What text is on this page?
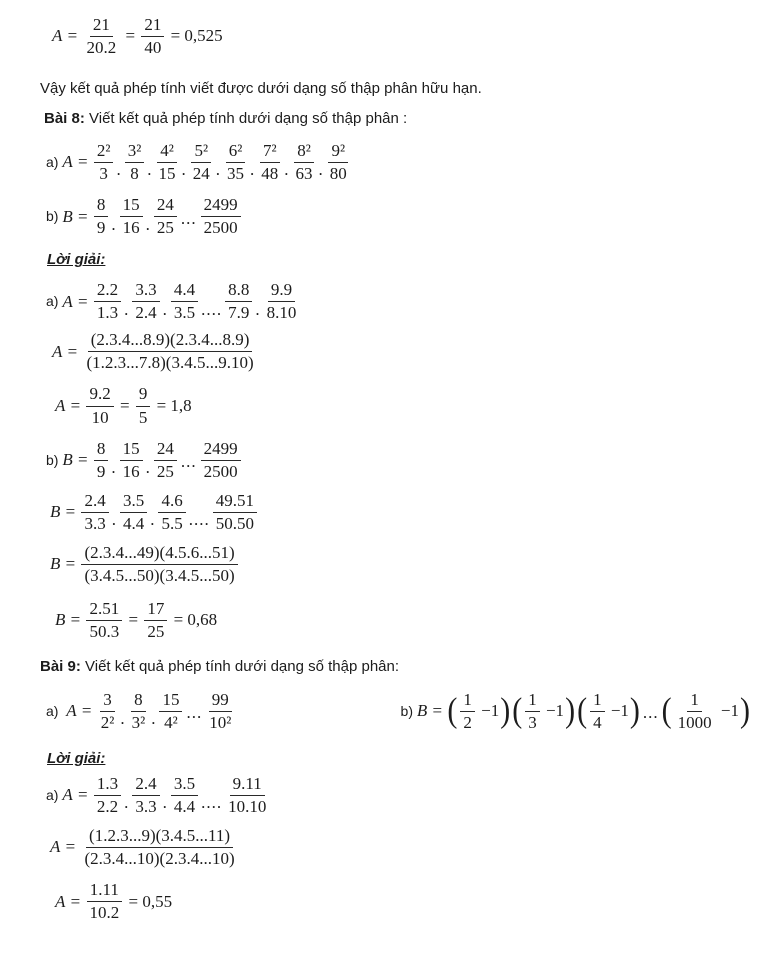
$A = \frac{21}{20.2} = \frac{21}{40} = 0,525$
Vậy kết quả phép tính viết được dưới dạng số thập phân hữu hạn.
Bài 8: Viết kết quả phép tính dưới dạng số thập phân :
a) $A = \frac{\text{2²}}{3}$ . $\frac{\text{3²}}{8}$ . $\frac{\text{4²}}{15}$ . $\frac{\text{5²}}{24}$ . $\frac{\text{6²}}{35}$ . $\frac{\text{7²}}{48}$ . $\frac{\text{8²}}{63}$ . $\frac{\text{9²}}{80}$
b) $B = \frac{8}{9}$ . $\frac{15}{16}$ . $\frac{24}{25}$ ... $\frac{2499}{2500}$
Lời giải:
a) $A = \frac{2.2}{1.3}$ . $\frac{3.3}{2.4}$ . $\frac{4.4}{3.5}$ .... $\frac{8.8}{7.9}$ . $\frac{9.9}{8.10}$
$A = \frac{(2.3.4...8.9)(2.3.4...8.9)}{(1.2.3...7.8)(3.4.5...9.10)}$
$A = \frac{9.2}{10} = \frac{9}{5} = 1,8$
b) $B = \frac{8}{9}$ . $\frac{15}{16}$ . $\frac{24}{25}$ ... $\frac{2499}{2500}$
$B = \frac{2.4}{3.3}$ . $\frac{3.5}{4.4}$ . $\frac{4.6}{5.5}$ .... $\frac{49.51}{50.50}$
$B = \frac{(2.3.4...49)(4.5.6...51)}{(3.4.5...50)(3.4.5...50)}$
$B = \frac{2.51}{50.3} = \frac{17}{25} = 0,68$
Bài 9: Viết kết quả phép tính dưới dạng số thập phân:
a) $A = \frac{3}{\text{2²}}$ . $\frac{8}{\text{3²}}$ . $\frac{15}{\text{4²}}$ ... $\frac{99}{\text{10²}}$	b) B = ( $\frac{1}{2} -1$ ) ( $\frac{1}{3} -1$ ) ( $\frac{1}{4} -1$ ) ... ( $\frac{1}{1000} -1$ )
Lời giải:
a) $A = \frac{1.3}{2.2}$ . $\frac{2.4}{3.3}$ . $\frac{3.5}{4.4}$ .... $\frac{9.11}{10.10}$
$A = \frac{(1.2.3...9)(3.4.5...11)}{(2.3.4...10)(2.3.4...10)}$
$A = \frac{1.11}{10.2} = 0,55$
